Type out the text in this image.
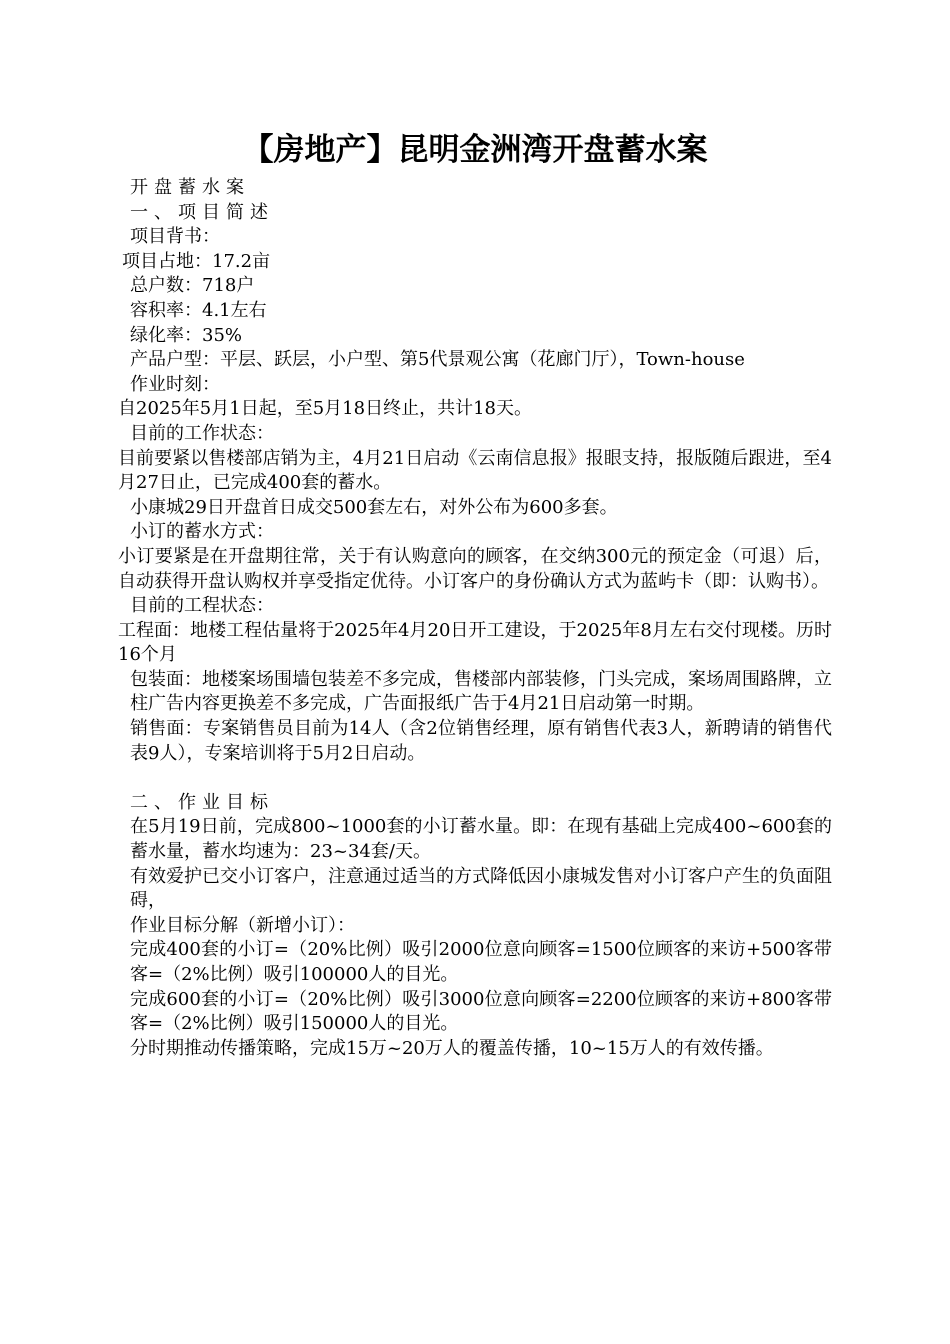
【房地产】昆明金洲湾开盘蓄水案

开盘蓄水案

一、项目简述

项目背书：

项目占地：17.2亩

总户数：718户

容积率：4.1左右

绿化率：35%

产品户型：平层、跃层，小户型、第5代景观公寓（花廊门厅），Town-house

作业时刻：

自2025年5月1日起，至5月18日终止，共计18天。

目前的工作状态：

目前要紧以售楼部店销为主，4月21日启动《云南信息报》报眼支持，报版随后跟进，至4月27日止，已完成400套的蓄水。

小康城29日开盘首日成交500套左右，对外公布为600多套。

小订的蓄水方式：

小订要紧是在开盘期往常，关于有认购意向的顾客，在交纳300元的预定金（可退）后，自动获得开盘认购权并享受指定优待。小订客户的身份确认方式为蓝屿卡（即：认购书）。

目前的工程状态：

工程面：地楼工程估量将于2025年4月20日开工建设，于2025年8月左右交付现楼。历时16个月

包装面：地楼案场围墙包装差不多完成，售楼部内部装修，门头完成，案场周围路牌，立柱广告内容更换差不多完成，广告面报纸广告于4月21日启动第一时期。

销售面：专案销售员目前为14人（含2位销售经理，原有销售代表3人，新聘请的销售代表9人），专案培训将于5月2日启动。

二、作业目标

在5月19日前，完成800~1000套的小订蓄水量。即：在现有基础上完成400~600套的蓄水量，蓄水均速为：23~34套/天。

有效爱护已交小订客户，注意通过适当的方式降低因小康城发售对小订客户产生的负面阻碍，

作业目标分解（新增小订）：

完成400套的小订=（20%比例）吸引2000位意向顾客=1500位顾客的来访+500客带客=（2%比例）吸引100000人的目光。

完成600套的小订=（20%比例）吸引3000位意向顾客=2200位顾客的来访+800客带客=（2%比例）吸引150000人的目光。

分时期推动传播策略，完成15万~20万人的覆盖传播，10~15万人的有效传播。
